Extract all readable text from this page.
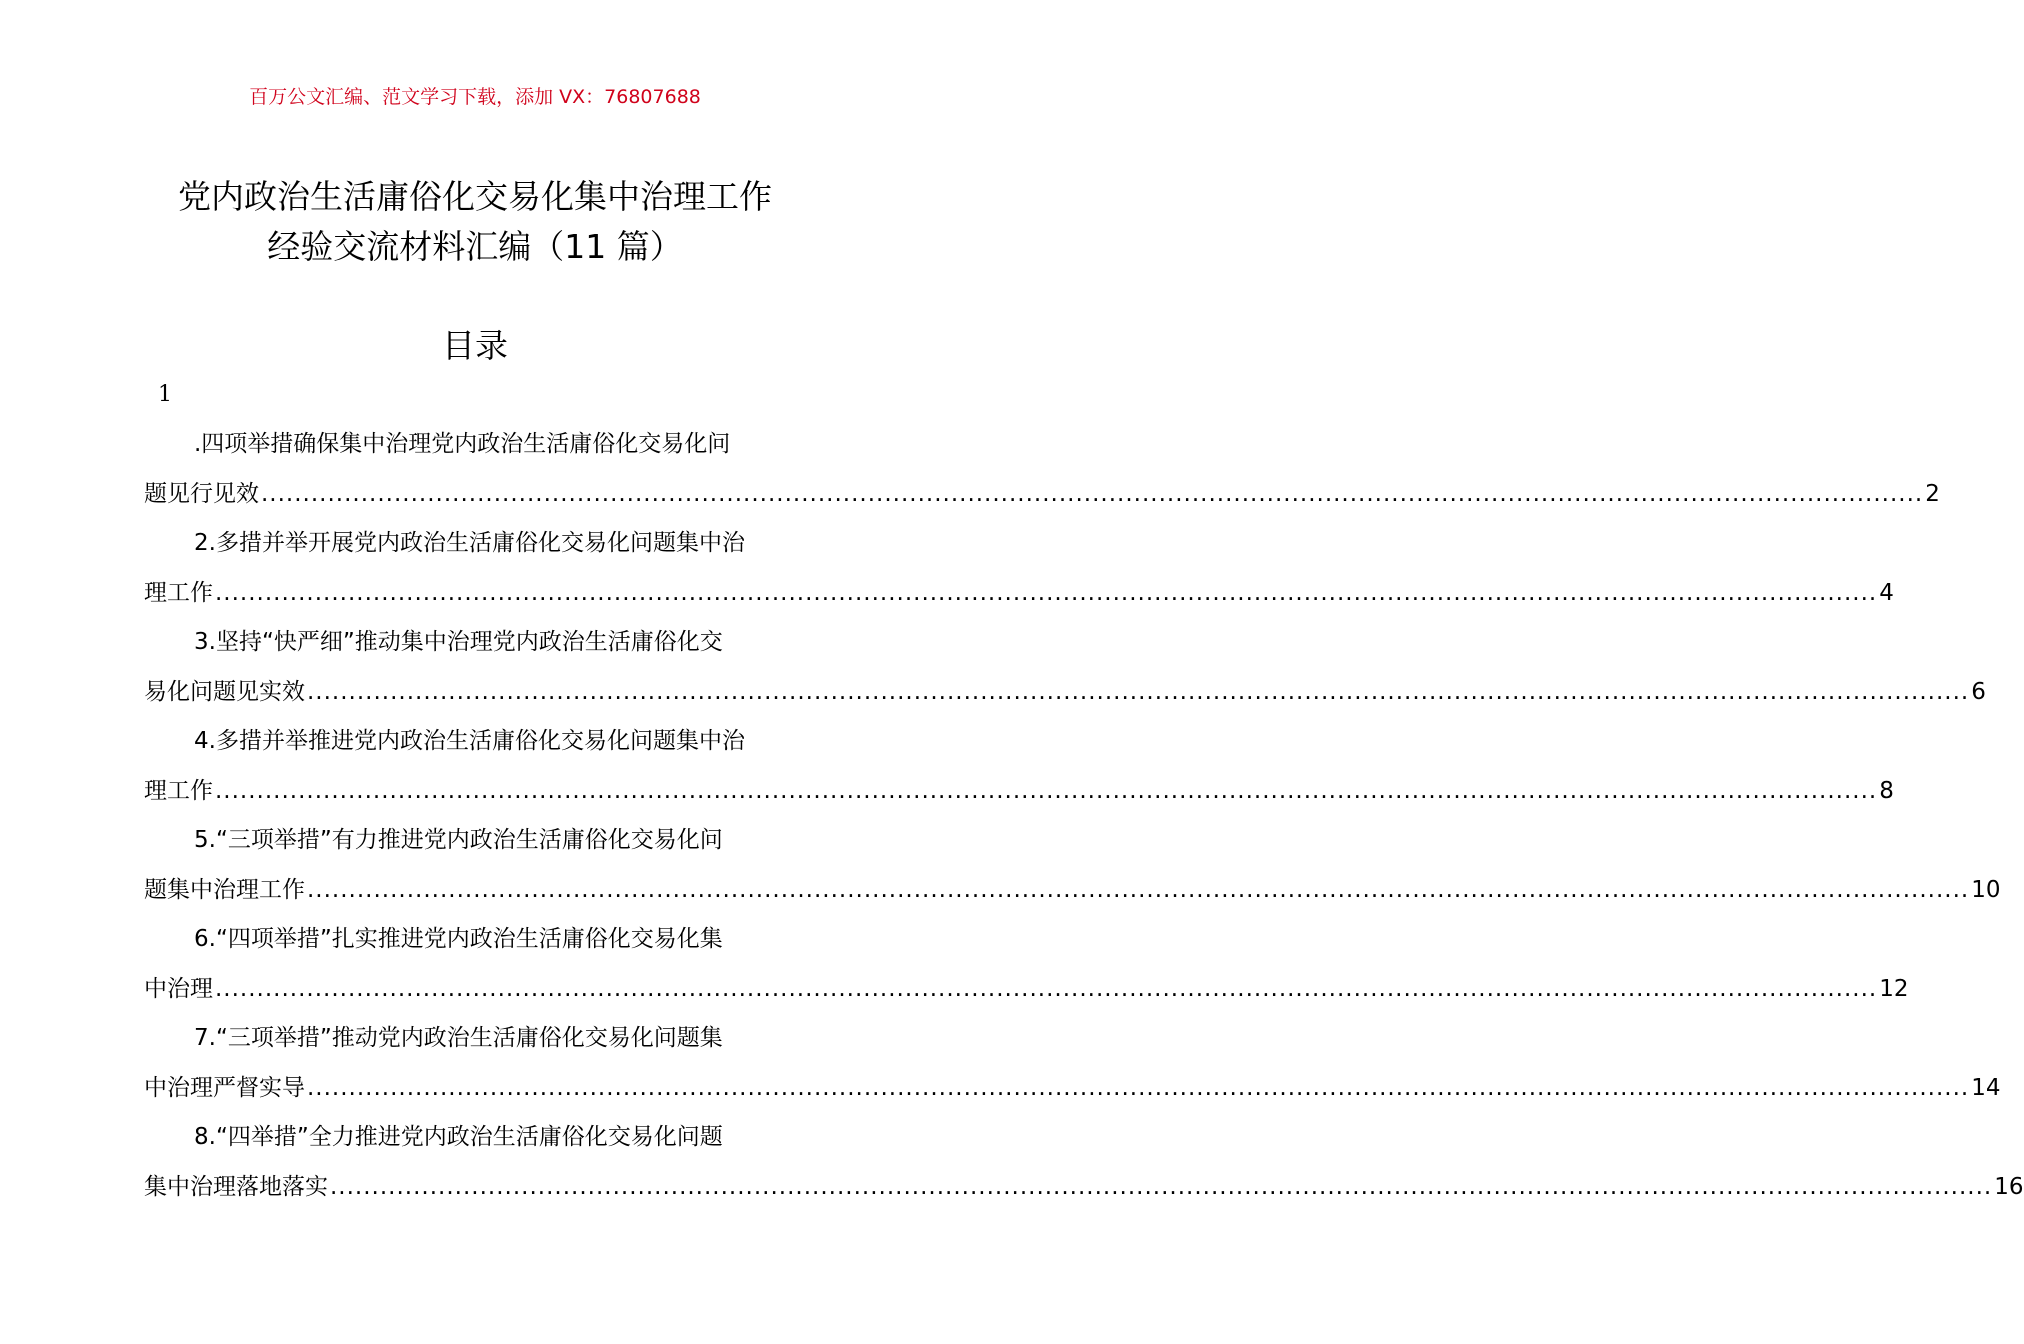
百万公文汇编、范文学习下载，添加 VX：76807688
党内政治生活庸俗化交易化集中治理工作
经验交流材料汇编（11 篇）
目录
1
.四项举措确保集中治理党内政治生活庸俗化交易化问
题见行见效 ........................................................................................................................................................................................................ 2
2.多措并举开展党内政治生活庸俗化交易化问题集中治
理工作 ........................................................................................................................................................................................................ 4
3.坚持“快严细”推动集中治理党内政治生活庸俗化交
易化问题见实效 ........................................................................................................................................................................................................ 6
4.多措并举推进党内政治生活庸俗化交易化问题集中治
理工作 ........................................................................................................................................................................................................ 8
5.“三项举措”有力推进党内政治生活庸俗化交易化问
题集中治理工作 ........................................................................................................................................................................................................ 10
6.“四项举措”扎实推进党内政治生活庸俗化交易化集
中治理 ........................................................................................................................................................................................................ 12
7.“三项举措”推动党内政治生活庸俗化交易化问题集
中治理严督实导 ........................................................................................................................................................................................................ 14
8.“四举措”全力推进党内政治生活庸俗化交易化问题
集中治理落地落实 ........................................................................................................................................................................................................ 16
